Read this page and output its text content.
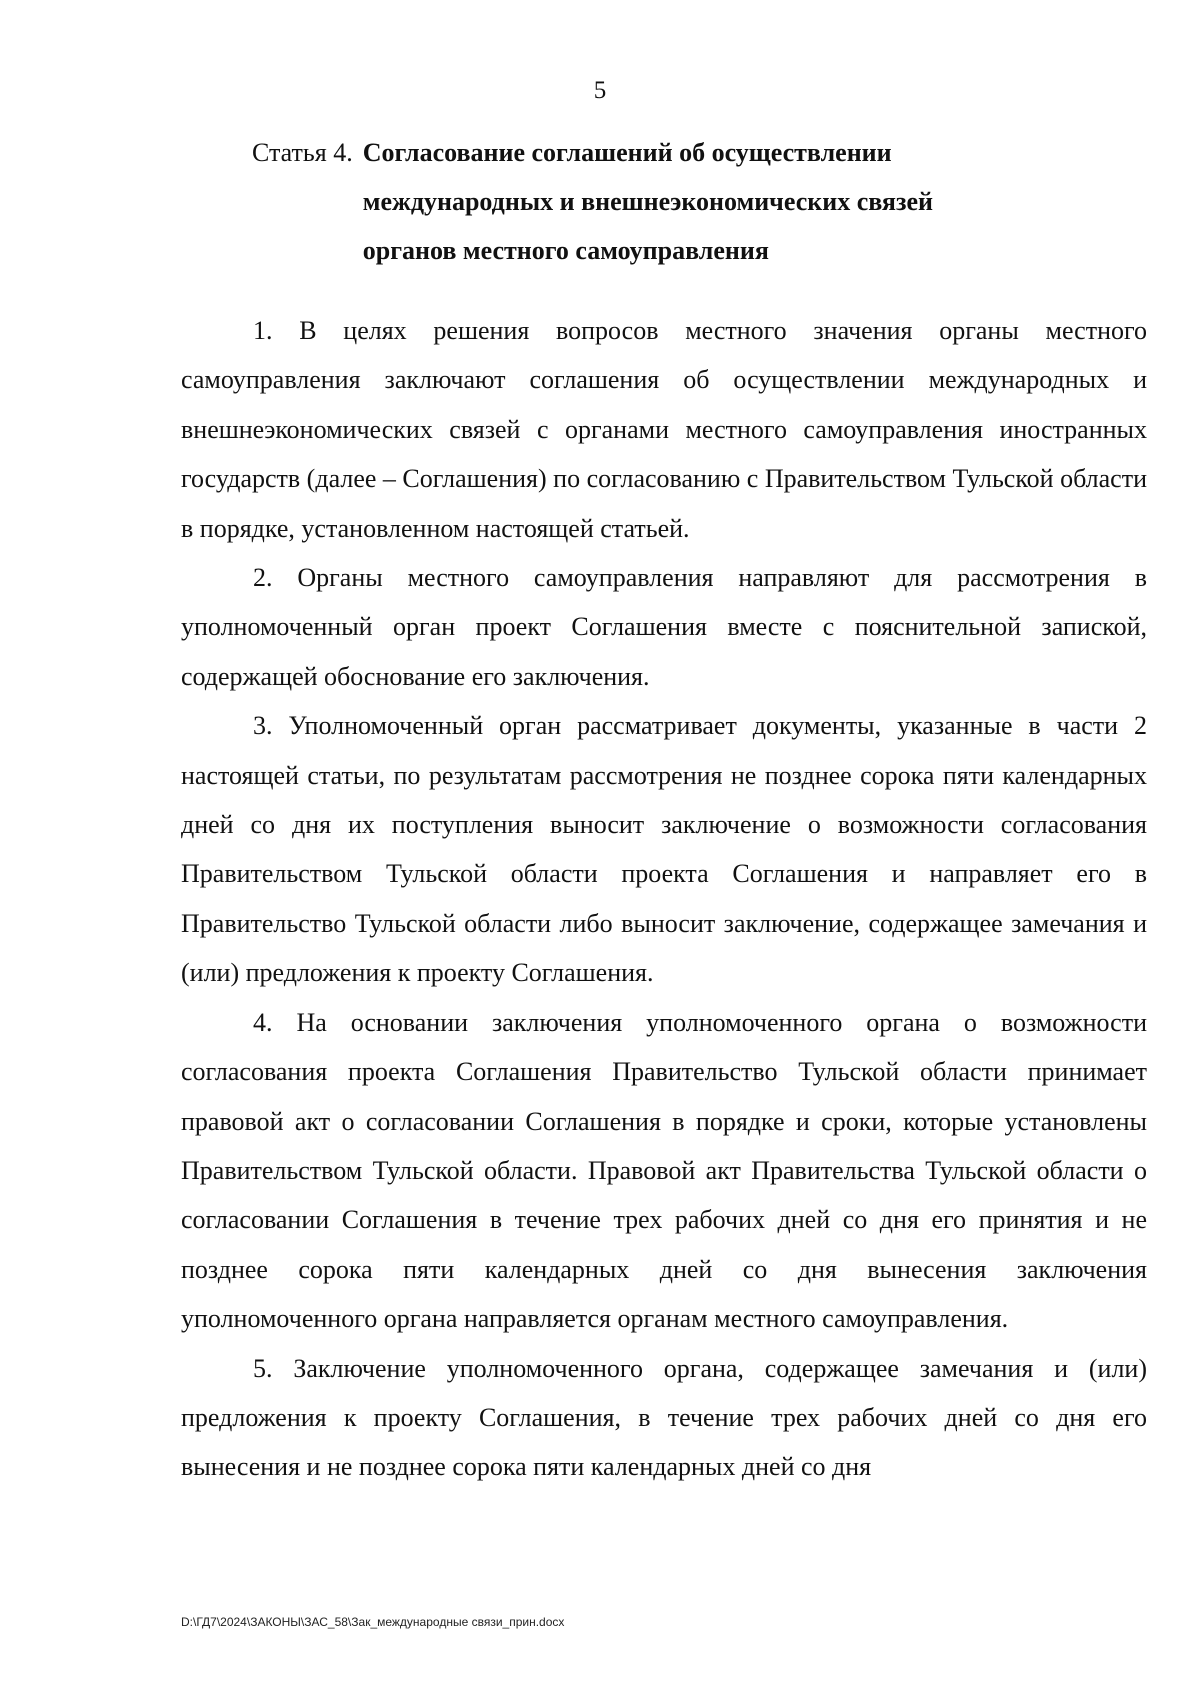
5
Статья 4. Согласование соглашений об осуществлении международных и внешнеэкономических связей органов местного самоуправления

1. В целях решения вопросов местного значения органы местного самоуправления заключают соглашения об осуществлении международных и внешнеэкономических связей с органами местного самоуправления иностранных государств (далее – Соглашения) по согласованию с Правительством Тульской области в порядке, установленном настоящей статьей.

2. Органы местного самоуправления направляют для рассмотрения в уполномоченный орган проект Соглашения вместе с пояснительной запиской, содержащей обоснование его заключения.

3. Уполномоченный орган рассматривает документы, указанные в части 2 настоящей статьи, по результатам рассмотрения не позднее сорока пяти календарных дней со дня их поступления выносит заключение о возможности согласования Правительством Тульской области проекта Соглашения и направляет его в Правительство Тульской области либо выносит заключение, содержащее замечания и (или) предложения к проекту Соглашения.

4. На основании заключения уполномоченного органа о возможности согласования проекта Соглашения Правительство Тульской области принимает правовой акт о согласовании Соглашения в порядке и сроки, которые установлены Правительством Тульской области. Правовой акт Правительства Тульской области о согласовании Соглашения в течение трех рабочих дней со дня его принятия и не позднее сорока пяти календарных дней со дня вынесения заключения уполномоченного органа направляется органам местного самоуправления.

5. Заключение уполномоченного органа, содержащее замечания и (или) предложения к проекту Соглашения, в течение трех рабочих дней со дня его вынесения и не позднее сорока пяти календарных дней со дня

D:\ГД7\2024\ЗАКОНЫ\ЗАС_58\Зак_международные связи_прин.docx
